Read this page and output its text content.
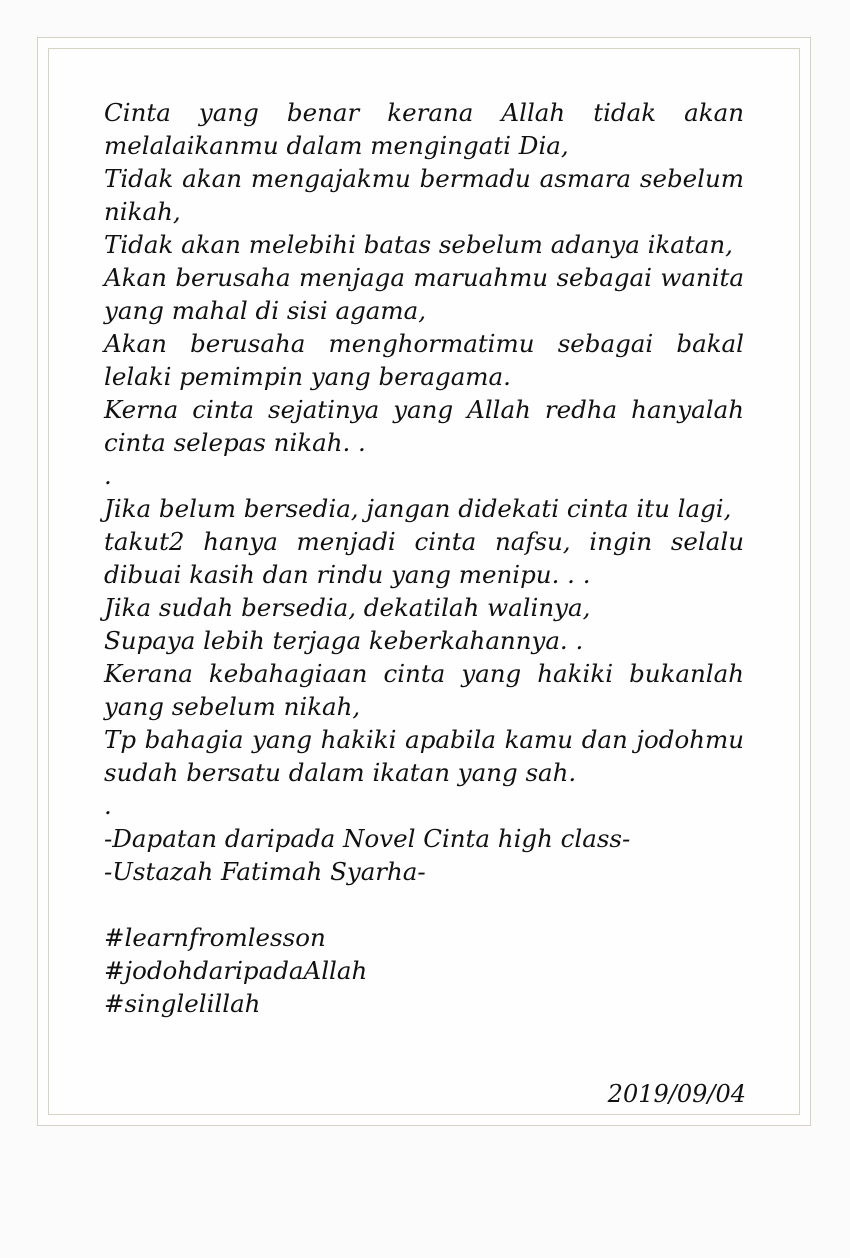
Cinta yang benar kerana Allah tidak akan
melalaikanmu dalam mengingati Dia,
Tidak akan mengajakmu bermadu asmara sebelum
nikah,
Tidak akan melebihi batas sebelum adanya ikatan,
Akan berusaha menjaga maruahmu sebagai wanita
yang mahal di sisi agama,
Akan berusaha menghormatimu sebagai bakal
lelaki pemimpin yang beragama.
Kerna cinta sejatinya yang Allah redha hanyalah
cinta selepas nikah. .
.
Jika belum bersedia, jangan didekati cinta itu lagi,
takut2 hanya menjadi cinta nafsu, ingin selalu
dibuai kasih dan rindu yang menipu. . .
Jika sudah bersedia, dekatilah walinya,
Supaya lebih terjaga keberkahannya. .
Kerana kebahagiaan cinta yang hakiki bukanlah
yang sebelum nikah,
Tp bahagia yang hakiki apabila kamu dan jodohmu
sudah bersatu dalam ikatan yang sah.
.
-Dapatan daripada Novel Cinta high class-
-Ustazah Fatimah Syarha-
#learnfromlesson
#jodohdaripadaAllah
#singlelillah
2019/09/04
